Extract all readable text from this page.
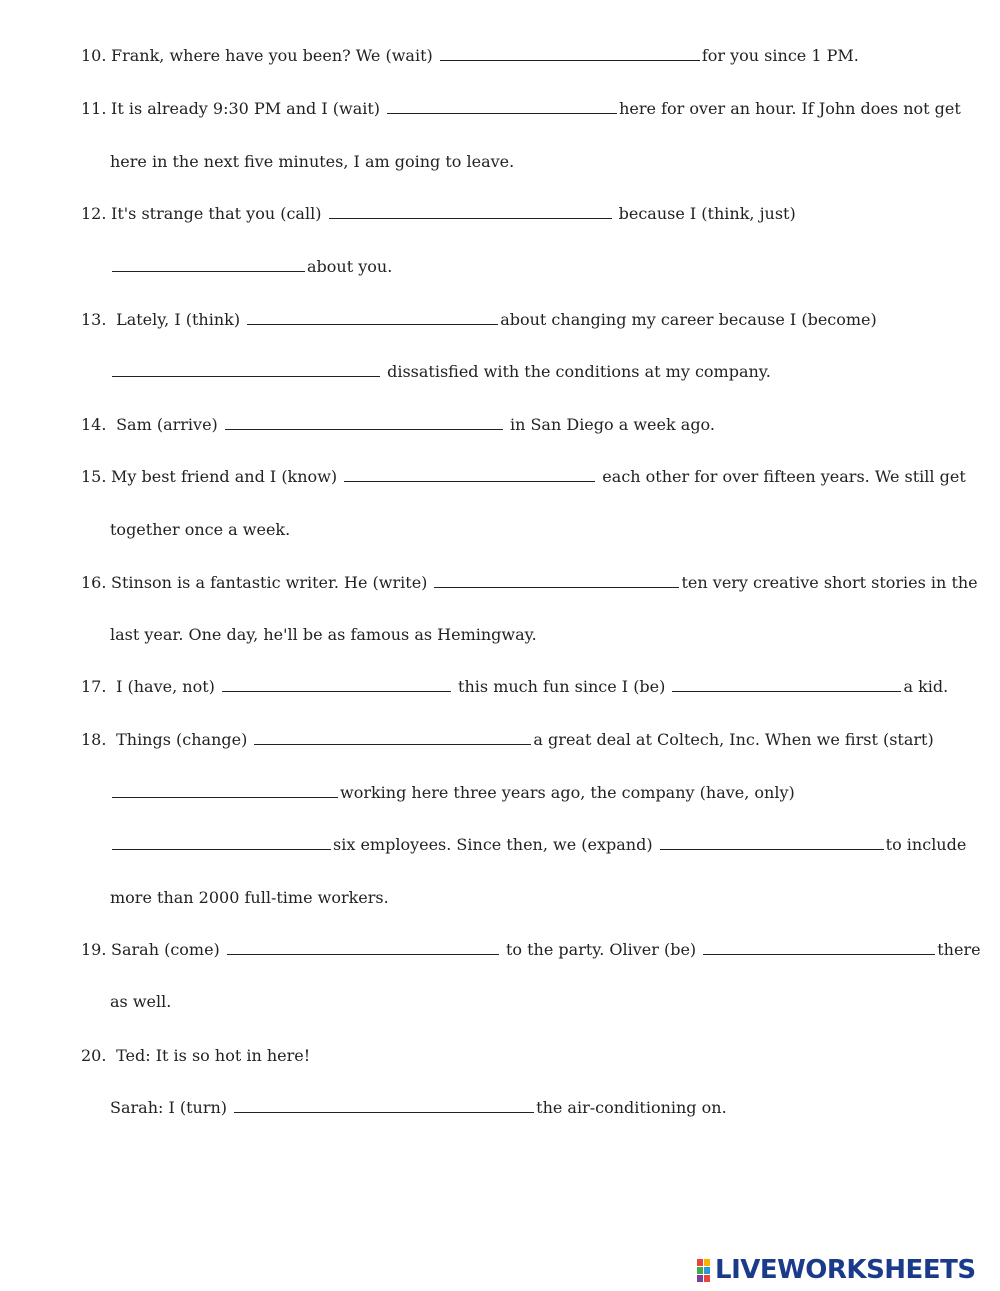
10. Frank, where have you been? We (wait)	for you since 1 PM.
11. It is already 9:30 PM and I (wait)	here for over an hour. If John does not get
here in the next five minutes, I am going to leave.
12. It's strange that you (call)	because I (think, just)
about you.
13. Lately, I (think)	about changing my career because I (become)
dissatisfied with the conditions at my company.
14. Sam (arrive)	in San Diego a week ago.
15. My best friend and I (know)	each other for over fifteen years. We still get
together once a week.
16. Stinson is a fantastic writer. He (write)	ten very creative short stories in the
last year. One day, he'll be as famous as Hemingway.
17. I (have, not)	this much fun since I (be)	a kid.
18. Things (change)	a great deal at Coltech, Inc. When we first (start)
working here three years ago, the company (have, only)
six employees. Since then, we (expand)	to include
more than 2000 full-time workers.
19. Sarah (come)	to the party. Oliver (be)	there
as well.
20. Ted: It is so hot in here!
Sarah: I (turn)	the air-conditioning on.
LIVEWORKSHEETS
